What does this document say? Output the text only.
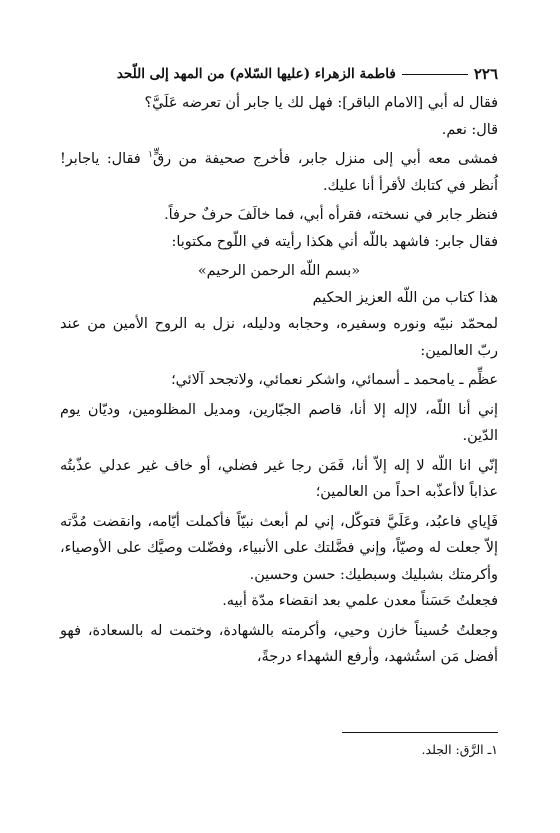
٢٢٦
فاطمة الزهراء (عليها السّلام) من المهد إلى اللّحد

فقال له أبي [الامام الباقر]: فهل لك يا جابر أن تعرضه عَلَيَّ؟

قال: نعم.

فمشى معه أبي إلى منزل جابر، فأخرج صحيفة من رقٍّ$^١$ فقال: ياجابر! اُنظر في كتابك لأقرأ أنا عليك.

فنظر جابر في نسخته، فقرأه أبي، فما خالَفَ حرفٌ حرفاً.

فقال جابر: فاشهد باللّه أني هكذا رأيته في اللّوح مكتوبا:

«بسم اللّه الرحمن الرحيم»

هذا كتاب من اللّه العزيز الحكيم

لمحمّد نبيّه ونوره وسفيره، وحجابه ودليله، نزل به الروح الأمين من عند ربّ العالمين:

عظِّم ـ يامحمد ـ أسمائي، واشكر نعمائي، ولاتجحد آلائي؛

إني أنا اللّه، لاإله إلا أنا، قاصم الجبّارين، ومديل المظلومين، وديّان يوم الدّين.

إنّي انا اللّه لا إله إلاّ أنا، فَمَن رجا غير فضلي، أو خاف غير عدلي عذّبتُه عذاباً لاأعذّبه احداً من العالمين؛

فَإياي فاعبُد، وعَلَيَّ فتوكّل، إني لم أبعث نبيّاً فأكملت أيّامه، وانقضت مُدَّته إلاّ جعلت له وصيّاً، وإني فضَّلتك على الأنبياء، وفضّلت وصيَّك على الأوصياء، وأكرمتك بشبليك وسبطيك: حسن وحسين.

فجعلتُ حَسَناً معدن علمي بعد انقضاء مدّة أبيه.

وجعلتُ حُسيناً خازن وحيي، وأكرمته بالشهادة، وختمت له بالسعادة، فهو أفضل مَن استُشهد، وأرفع الشهداء درجةً،

١ـ الرَّق: الجلد.
